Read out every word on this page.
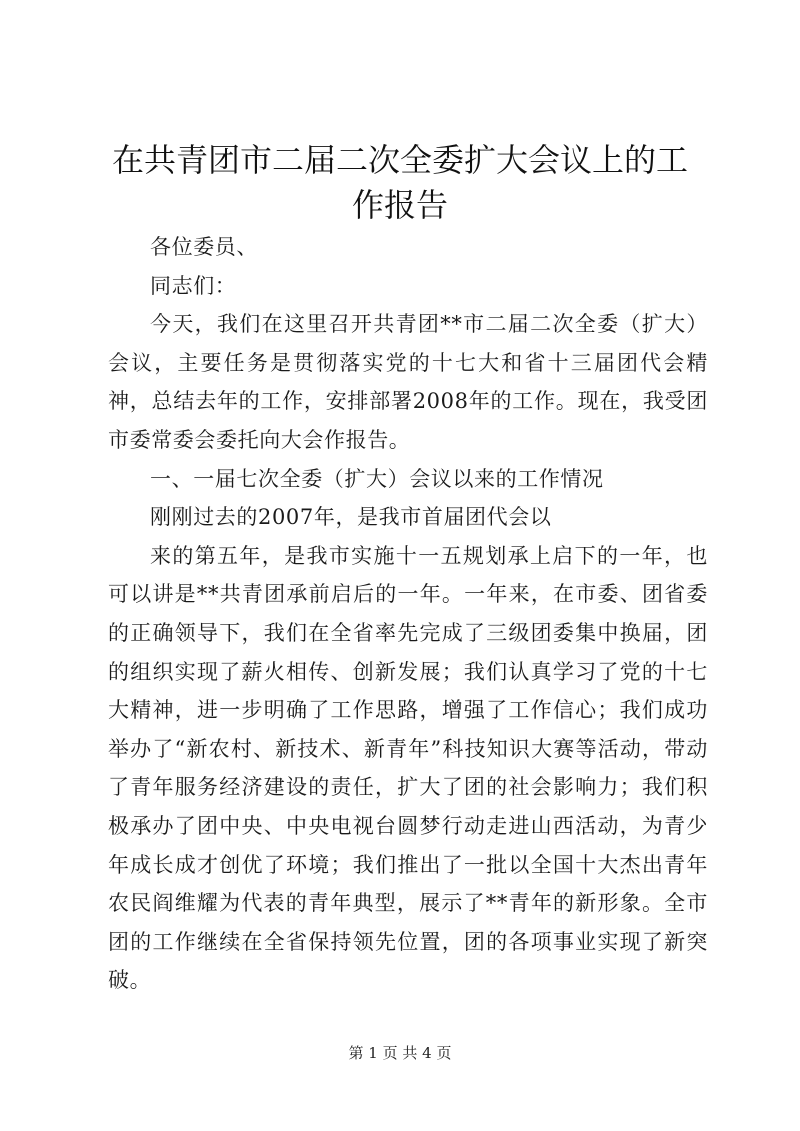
在共青团市二届二次全委扩大会议上的工作报告

各位委员、

同志们：

今天，我们在这里召开共青团**市二届二次全委（扩大）会议，主要任务是贯彻落实党的十七大和省十三届团代会精神，总结去年的工作，安排部署2008年的工作。现在，我受团市委常委会委托向大会作报告。

一、一届七次全委（扩大）会议以来的工作情况

刚刚过去的2007年，是我市首届团代会以

来的第五年，是我市实施十一五规划承上启下的一年，也可以讲是**共青团承前启后的一年。一年来，在市委、团省委的正确领导下，我们在全省率先完成了三级团委集中换届，团的组织实现了薪火相传、创新发展；我们认真学习了党的十七大精神，进一步明确了工作思路，增强了工作信心；我们成功举办了“新农村、新技术、新青年”科技知识大赛等活动，带动了青年服务经济建设的责任，扩大了团的社会影响力；我们积极承办了团中央、中央电视台圆梦行动走进山西活动，为青少年成长成才创优了环境；我们推出了一批以全国十大杰出青年农民阎维耀为代表的青年典型，展示了**青年的新形象。全市团的工作继续在全省保持领先位置，团的各项事业实现了新突破。

第 1 页 共 4 页
